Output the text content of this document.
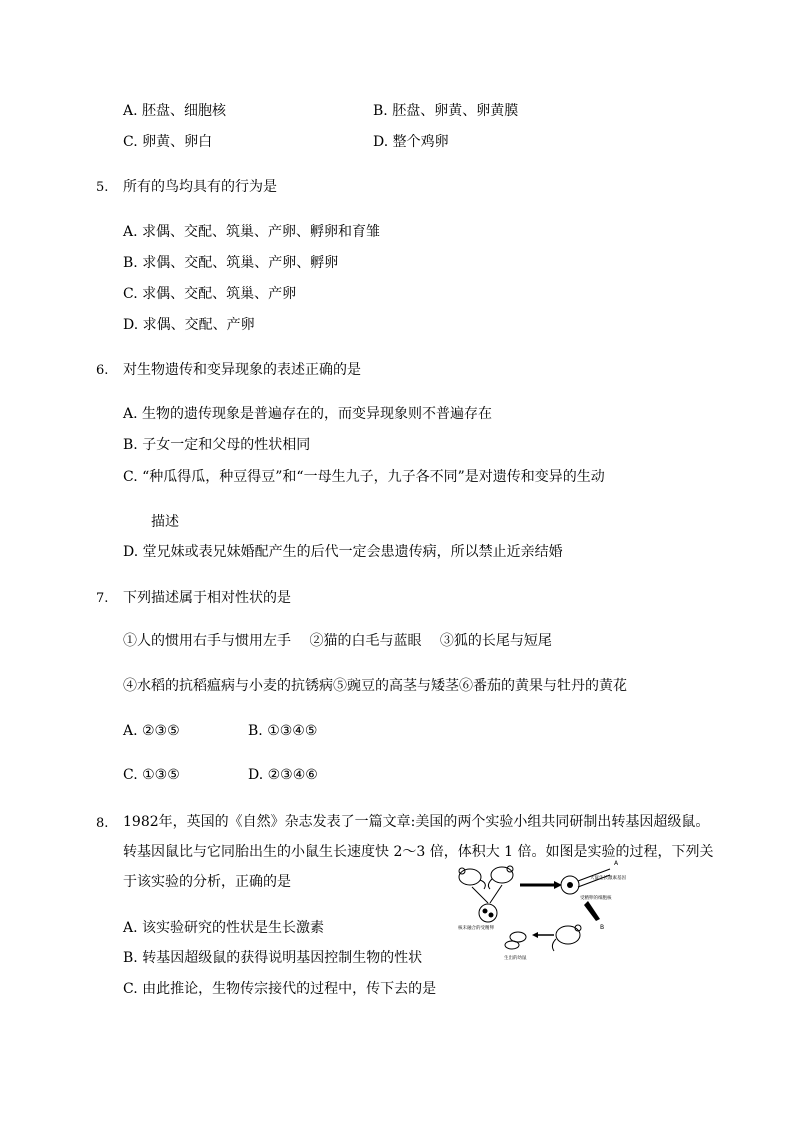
A. 胚盘、细胞核	B. 胚盘、卵黄、卵黄膜
C. 卵黄、卵白	D. 整个鸡卵
5. 所有的鸟均具有的行为是
A. 求偶、交配、筑巢、产卵、孵卵和育雏
B. 求偶、交配、筑巢、产卵、孵卵
C. 求偶、交配、筑巢、产卵
D. 求偶、交配、产卵
6. 对生物遗传和变异现象的表述正确的是
A. 生物的遗传现象是普遍存在的，而变异现象则不普遍存在
B. 子女一定和父母的性状相同
C. “种瓜得瓜，种豆得豆”和“一母生九子，九子各不同”是对遗传和变异的生动
描述
D. 堂兄妹或表兄妹婚配产生的后代一定会患遗传病，所以禁止近亲结婚
7. 下列描述属于相对性状的是
①人的惯用右手与惯用左手　 ②猫的白毛与蓝眼　 ③狐的长尾与短尾
④水稻的抗稻瘟病与小麦的抗锈病⑤豌豆的高茎与矮茎⑥番茄的黄果与牡丹的黄花
A. ②③⑤	B. ①③④⑤
C. ①③⑤	D. ②③④⑥
8. 1982年，英国的《自然》杂志发表了一篇文章:美国的两个实验小组共同研制出转基因超级鼠。
转基因鼠比与它同胎出生的小鼠生长速度快 2～3 倍，体积大 1 倍。如图是实验的过程，下列关
于该实验的分析，正确的是
A. 该实验研究的性状是生长激素
B. 转基因超级鼠的获得说明基因控制生物的性状
C. 由此推论，生物传宗接代的过程中，传下去的是
A
大鼠生长激素基因
受精卵的细胞核
核未融合的受精卵	B
生出的幼鼠
